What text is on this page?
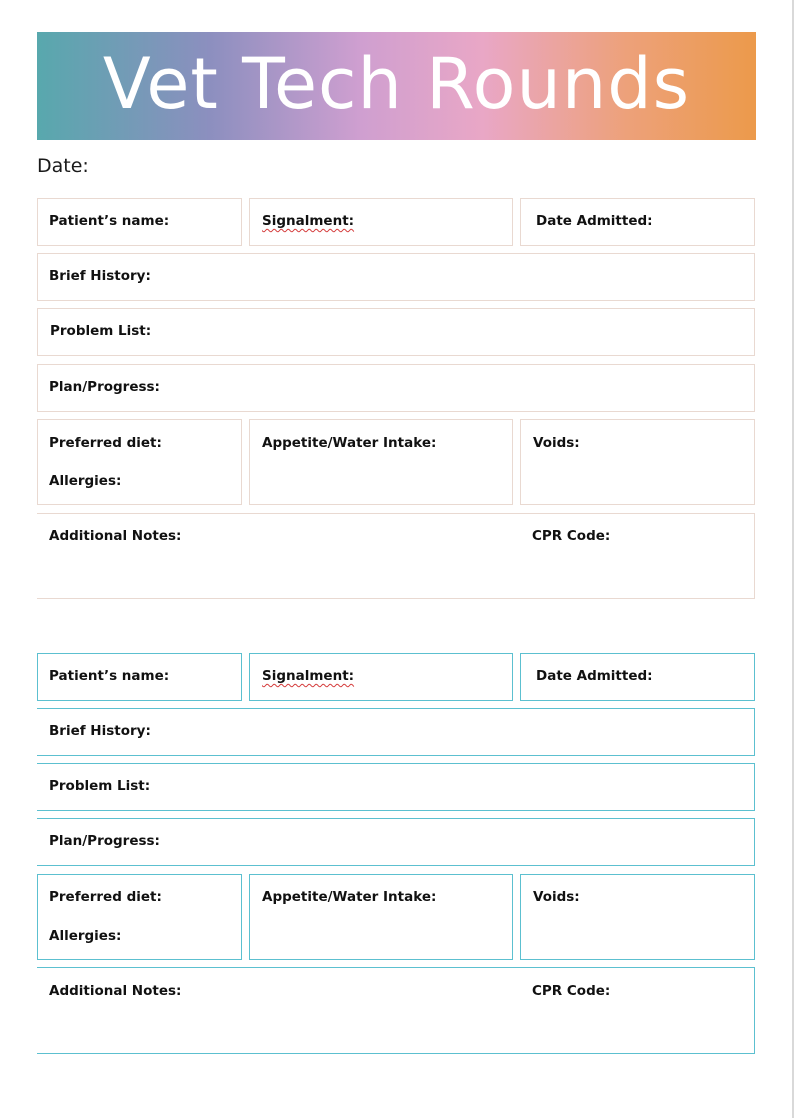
Vet Tech Rounds
Date:
Patient’s name:	Signalment:	Date Admitted:
Brief History:
Problem List:
Plan/Progress:
Preferred diet:
Allergies:
Appetite/Water Intake:	Voids:
Additional Notes:	CPR Code:
Patient’s name:	Signalment:	Date Admitted:
Brief History:
Problem List:
Plan/Progress:
Preferred diet:
Allergies:
Appetite/Water Intake:	Voids:
Additional Notes:	CPR Code:
